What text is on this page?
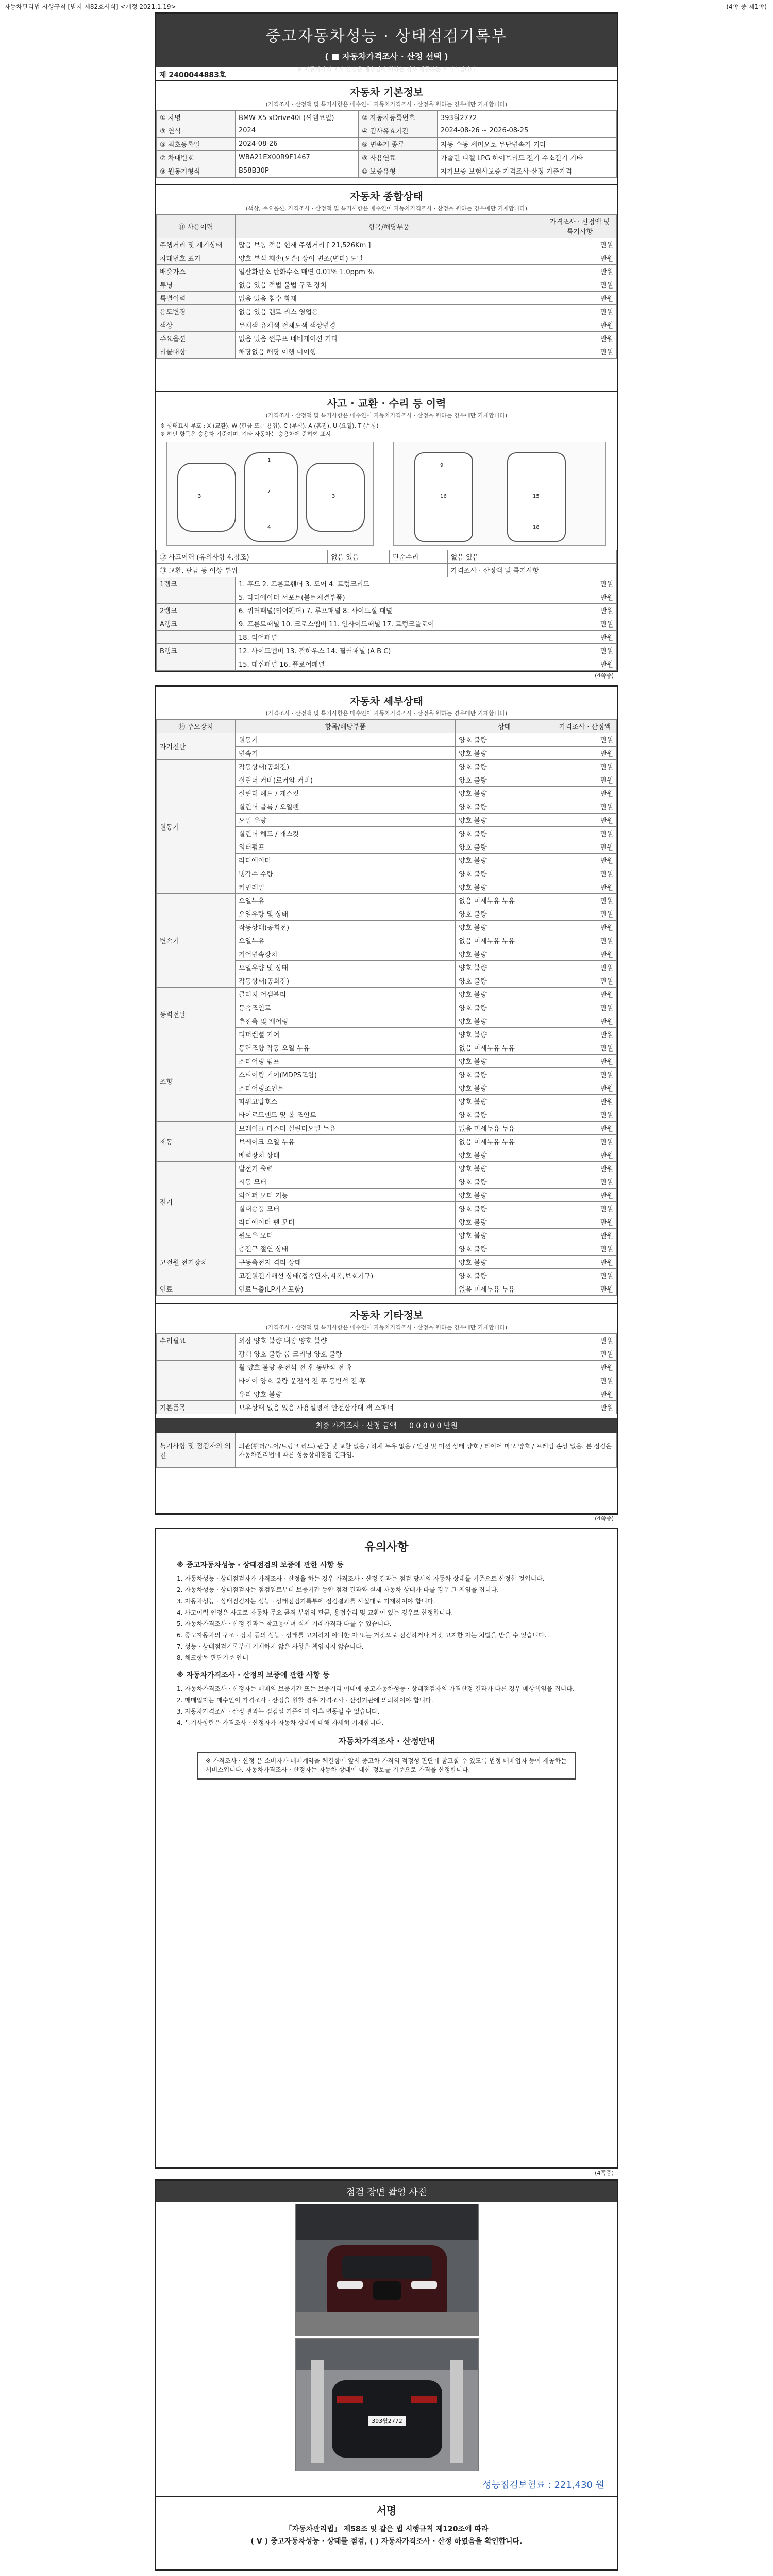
자동차관리법 시행규칙 [별지 제82호서식] <개정 2021.1.19>	(4쪽 중 제1쪽)
중고자동차성능 · 상태점검기록부
( ■ 자동차가격조사 · 산정 선택 )
※ 자동차가격 조사·산정은 매수인이 원하는 경우 제공하는 서비스입니다
제 2400044883호
자동차 기본정보
(가격조사 · 산정액 및 특기사항은 매수인이 자동차가격조사 · 산정을 원하는 경우에만 기재합니다)
① 차명	BMW X5 xDrive40i (씨엠코필)	② 자동차등록번호	393월2772
③ 연식	2024	④ 검사유효기간	2024-08-26 ~ 2026-08-25
⑤ 최초등록일	2024-08-26	⑥ 변속기 종류	자동 수동 세미오토 무단변속기 기타
⑦ 차대번호	WBA21EX00R9F1467	⑧ 사용연료	가솔린 디젤 LPG 하이브리드 전기 수소전기 기타
⑨ 원동기형식	B58B30P	⑩ 보증유형	자가보증 보험사보증 가격조사·산정 기준가격
자동차 종합상태
(색상, 주요옵션, 가격조사 · 산정액 및 특기사항은 매수인이 자동차가격조사 · 산정을 원하는 경우에만 기재합니다)
⑪ 사용이력	항목/해당부품	가격조사 · 산정액 및 특기사항
주행거리 및 계기상태	많음 보통 적음 현재 주행거리 [ 21,526Km ]	만원
차대번호 표기	양호 부식 훼손(오손) 상이 변조(변타) 도말	만원
배출가스	일산화탄소 탄화수소 매연 0.01% 1.0ppm %	만원
튜닝	없음 있음 적법 불법 구조 장치	만원
특별이력	없음 있음 침수 화재	만원
용도변경	없음 있음 렌트 리스 영업용	만원
색상	무채색 유채색 전체도색 색상변경	만원
주요옵션	없음 있음 썬루프 네비게이션 기타	만원
리콜대상	해당없음 해당 이행 미이행	만원
사고 · 교환 · 수리 등 이력
(가격조사 · 산정액 및 특기사항은 매수인이 자동차가격조사 · 산정을 원하는 경우에만 기재합니다)
※ 상태표시 부호 : X (교환), W (판금 또는 용접), C (부식), A (흠집), U (요철), T (손상)
※ 하단 항목은 승용차 기준이며, 기타 자동차는 승용차에 준하여 표시
1
7
4
3	3
9
16	15
18
⑫ 사고이력 (유의사항 4.참조)	없음 있음	단순수리	없음 있음
⑬ 교환, 판금 등 이상 부위			가격조사 · 산정액 및 특기사항
1랭크	1. 후드 2. 프론트휀더 3. 도어 4. 트렁크리드	만원
	5. 라디에이터 서포트(볼트체결부품)	만원
2랭크	6. 쿼터패널(리어휀더) 7. 루프패널 8. 사이드실 패널	만원
A랭크	9. 프론트패널 10. 크로스멤버 11. 인사이드패널 17. 트렁크플로어	만원
	18. 리어패널	만원
B랭크	12. 사이드멤버 13. 휠하우스 14. 필러패널 (A B C)	만원
	15. 대쉬패널 16. 플로어패널	만원
(4쪽중)
자동차 세부상태
(가격조사 · 산정액 및 특기사항은 매수인이 자동차가격조사 · 산정을 원하는 경우에만 기재합니다)
⑭ 주요장치	항목/해당부품	상태	가격조사 · 산정액
자기진단	원동기	양호 불량	만원
	변속기	양호 불량	만원
원동기	작동상태(공회전)	양호 불량	만원
	실린더 커버(로커암 커버)	양호 불량	만원
	실린더 헤드 / 개스킷	양호 불량	만원
	실린더 블록 / 오일팬	양호 불량	만원
	오일 유량	양호 불량	만원
	실린더 헤드 / 개스킷	양호 불량	만원
	워터펌프	양호 불량	만원
	라디에이터	양호 불량	만원
	냉각수 수량	양호 불량	만원
	커먼레일	양호 불량	만원
변속기	오일누유	없음 미세누유 누유	만원
	오일유량 및 상태	양호 불량	만원
	작동상태(공회전)	양호 불량	만원
	오일누유	없음 미세누유 누유	만원
	기어변속장치	양호 불량	만원
	오일유량 및 상태	양호 불량	만원
	작동상태(공회전)	양호 불량	만원
동력전달	클러치 어셈블리	양호 불량	만원
	등속조인트	양호 불량	만원
	추진축 및 베어링	양호 불량	만원
	디퍼렌셜 기어	양호 불량	만원
조향	동력조향 작동 오일 누유	없음 미세누유 누유	만원
	스티어링 펌프	양호 불량	만원
	스티어링 기어(MDPS포함)	양호 불량	만원
	스티어링조인트	양호 불량	만원
	파워고압호스	양호 불량	만원
	타이로드엔드 및 볼 조인트	양호 불량	만원
제동	브레이크 마스터 실린더오일 누유	없음 미세누유 누유	만원
	브레이크 오일 누유	없음 미세누유 누유	만원
	배력장치 상태	양호 불량	만원
전기	발전기 출력	양호 불량	만원
	시동 모터	양호 불량	만원
	와이퍼 모터 기능	양호 불량	만원
	실내송풍 모터	양호 불량	만원
	라디에이터 팬 모터	양호 불량	만원
	윈도우 모터	양호 불량	만원
고전원 전기장치	충전구 절연 상태	양호 불량	만원
	구동축전지 격리 상태	양호 불량	만원
	고전원전기배선 상태(접속단자,피복,보호기구)	양호 불량	만원
연료	연료누출(LP가스포함)	없음 미세누유 누유	만원
자동차 기타정보
(가격조사 · 산정액 및 특기사항은 매수인이 자동차가격조사 · 산정을 원하는 경우에만 기재합니다)
수리필요	외장 양호 불량 내장 양호 불량	만원
	광택 양호 불량 룸 크리닝 양호 불량	만원
	휠 양호 불량 운전석 전 후 동반석 전 후	만원
	타이어 양호 불량 운전석 전 후 동반석 전 후	만원
	유리 양호 불량	만원
기본품목	보유상태 없음 있음 사용설명서 안전삼각대 잭 스패너	만원
최종 가격조사 · 산정 금액 0 0 0 0 0 만원
특기사항 및 점검자의 의견	외관(휀더/도어/트렁크 리드) 판금 및 교환 없음 / 하체 누유 없음 / 엔진 및 미션 상태 양호 / 타이어 마모 양호 / 프레임 손상 없음. 본 점검은 자동차관리법에 따른 성능상태점검 결과임.
(4쪽중)
유의사항
※ 중고자동차성능 · 상태점검의 보증에 관한 사항 등
1. 자동차성능 · 상태점검자가 가격조사 · 산정을 하는 경우 가격조사 · 산정 결과는 점검 당시의 자동차 상태를 기준으로 산정한 것입니다.
2. 자동차성능 · 상태점검자는 점검일로부터 보증기간 동안 점검 결과와 실제 자동차 상태가 다를 경우 그 책임을 집니다.
3. 자동차성능 · 상태점검자는 성능 · 상태점검기록부에 점검결과를 사실대로 기재하여야 합니다.
4. 사고이력 인정은 사고로 자동차 주요 골격 부위의 판금, 용접수리 및 교환이 있는 경우로 한정합니다.
5. 자동차가격조사 · 산정 결과는 참고용이며 실제 거래가격과 다를 수 있습니다.
6. 중고자동차의 구조 · 장치 등의 성능 · 상태를 고지하지 아니한 자 또는 거짓으로 점검하거나 거짓 고지한 자는 처벌을 받을 수 있습니다.
7. 성능 · 상태점검기록부에 기재하지 않은 사항은 책임지지 않습니다.
8. 체크항목 판단기준 안내
※ 자동차가격조사 · 산정의 보증에 관한 사항 등
1. 자동차가격조사 · 산정자는 매매의 보증기간 또는 보증거리 이내에 중고자동차성능 · 상태점검자의 가격산정 결과가 다른 경우 배상책임을 집니다.
2. 매매업자는 매수인이 가격조사 · 산정을 원할 경우 가격조사 · 산정기관에 의뢰하여야 합니다.
3. 자동차가격조사 · 산정 결과는 점검일 기준이며 이후 변동될 수 있습니다.
4. 특기사항란은 가격조사 · 산정자가 자동차 상태에 대해 자세히 기재합니다.
자동차가격조사 · 산정안내
※ 가격조사 · 산정 은 소비자가 매매계약을 체결함에 앞서 중고차 가격의 적정성 판단에 참고할 수 있도록 법정 매매업자 등이 제공하는 서비스입니다. 자동차가격조사 · 산정자는 자동차 상태에 대한 정보를 기준으로 가격을 산정합니다.
(4쪽중)
점검 장면 촬영 사진
393월2772
성능점검보험료 : 221,430 원
서명
「자동차관리법」 제58조 및 같은 법 시행규칙 제120조에 따라
( V ) 중고자동차성능 · 상태를 점검, ( ) 자동차가격조사 · 산정 하였음을 확인합니다.
